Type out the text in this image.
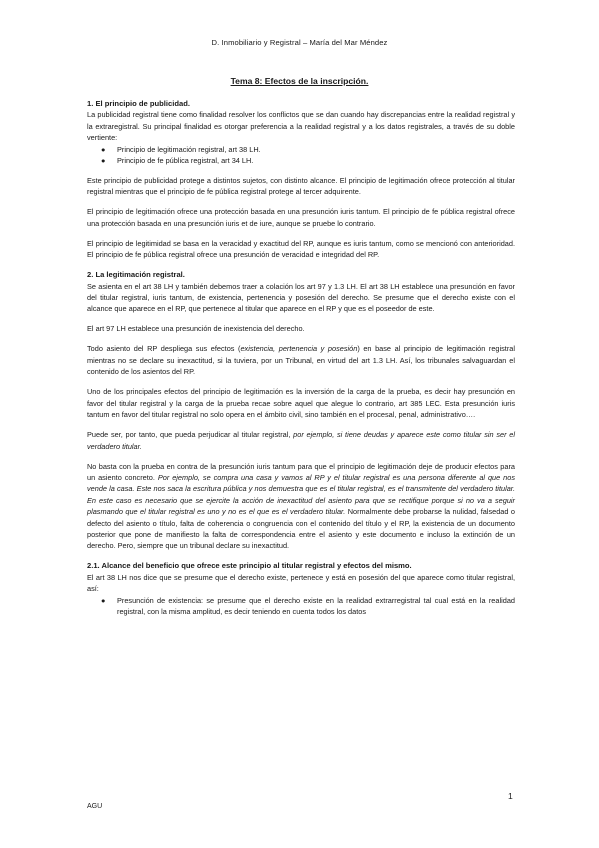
D. Inmobiliario y Registral – María del Mar Méndez
Tema 8: Efectos de la inscripción.
1. El principio de publicidad.

La publicidad registral tiene como finalidad resolver los conflictos que se dan cuando hay discrepancias entre la realidad registral y la extraregistral. Su principal finalidad es otorgar preferencia a la realidad registral y a los datos registrales, a través de su doble vertiente:

● Principio de legitimación registral, art 38 LH.
● Principio de fe pública registral, art 34 LH.

Este principio de publicidad protege a distintos sujetos, con distinto alcance. El principio de legitimación ofrece protección al titular registral mientras que el principio de fe pública registral protege al tercer adquirente.

El principio de legitimación ofrece una protección basada en una presunción iuris tantum. El principio de fe pública registral ofrece una protección basada en una presunción iuris et de iure, aunque se pruebe lo contrario.

El principio de legitimidad se basa en la veracidad y exactitud del RP, aunque es iuris tantum, como se mencionó con anterioridad. El principio de fe pública registral ofrece una presunción de veracidad e integridad del RP.

2. La legitimación registral.

Se asienta en el art 38 LH y también debemos traer a colación los art 97 y 1.3 LH. El art 38 LH establece una presunción en favor del titular registral, iuris tantum, de existencia, pertenencia y posesión del derecho. Se presume que el derecho existe con el alcance que aparece en el RP, que pertenece al titular que aparece en el RP y que es el poseedor de este.

El art 97 LH establece una presunción de inexistencia del derecho.

Todo asiento del RP despliega sus efectos (existencia, pertenencia y posesión) en base al principio de legitimación registral mientras no se declare su inexactitud, si la tuviera, por un Tribunal, en virtud del art 1.3 LH. Así, los tribunales salvaguardan el contenido de los asientos del RP.

Uno de los principales efectos del principio de legitimación es la inversión de la carga de la prueba, es decir hay presunción en favor del titular registral y la carga de la prueba recae sobre aquel que alegue lo contrario, art 385 LEC. Esta presunción iuris tantum en favor del titular registral no solo opera en el ámbito civil, sino también en el procesal, penal, administrativo….

Puede ser, por tanto, que pueda perjudicar al titular registral, por ejemplo, si tiene deudas y aparece este como titular sin ser el verdadero titular.

No basta con la prueba en contra de la presunción iuris tantum para que el principio de legitimación deje de producir efectos para un asiento concreto. Por ejemplo, se compra una casa y vamos al RP y el titular registral es una persona diferente al que nos vende la casa. Este nos saca la escritura pública y nos demuestra que es el titular registral, es el transmitente del verdadero titular. En este caso es necesario que se ejercite la acción de inexactitud del asiento para que se rectifique porque si no va a seguir plasmando que el titular registral es uno y no es el que es el verdadero titular. Normalmente debe probarse la nulidad, falsedad o defecto del asiento o título, falta de coherencia o congruencia con el contenido del título y el RP, la existencia de un documento posterior que pone de manifiesto la falta de correspondencia entre el asiento y este documento e incluso la extinción de un derecho. Pero, siempre que un tribunal declare su inexactitud.

2.1. Alcance del beneficio que ofrece este principio al titular registral y efectos del mismo.

El art 38 LH nos dice que se presume que el derecho existe, pertenece y está en posesión del que aparece como titular registral, así:

● Presunción de existencia: se presume que el derecho existe en la realidad extrarregistral tal cual está en la realidad registral, con la misma amplitud, es decir teniendo en cuenta todos los datos
AGU
1
